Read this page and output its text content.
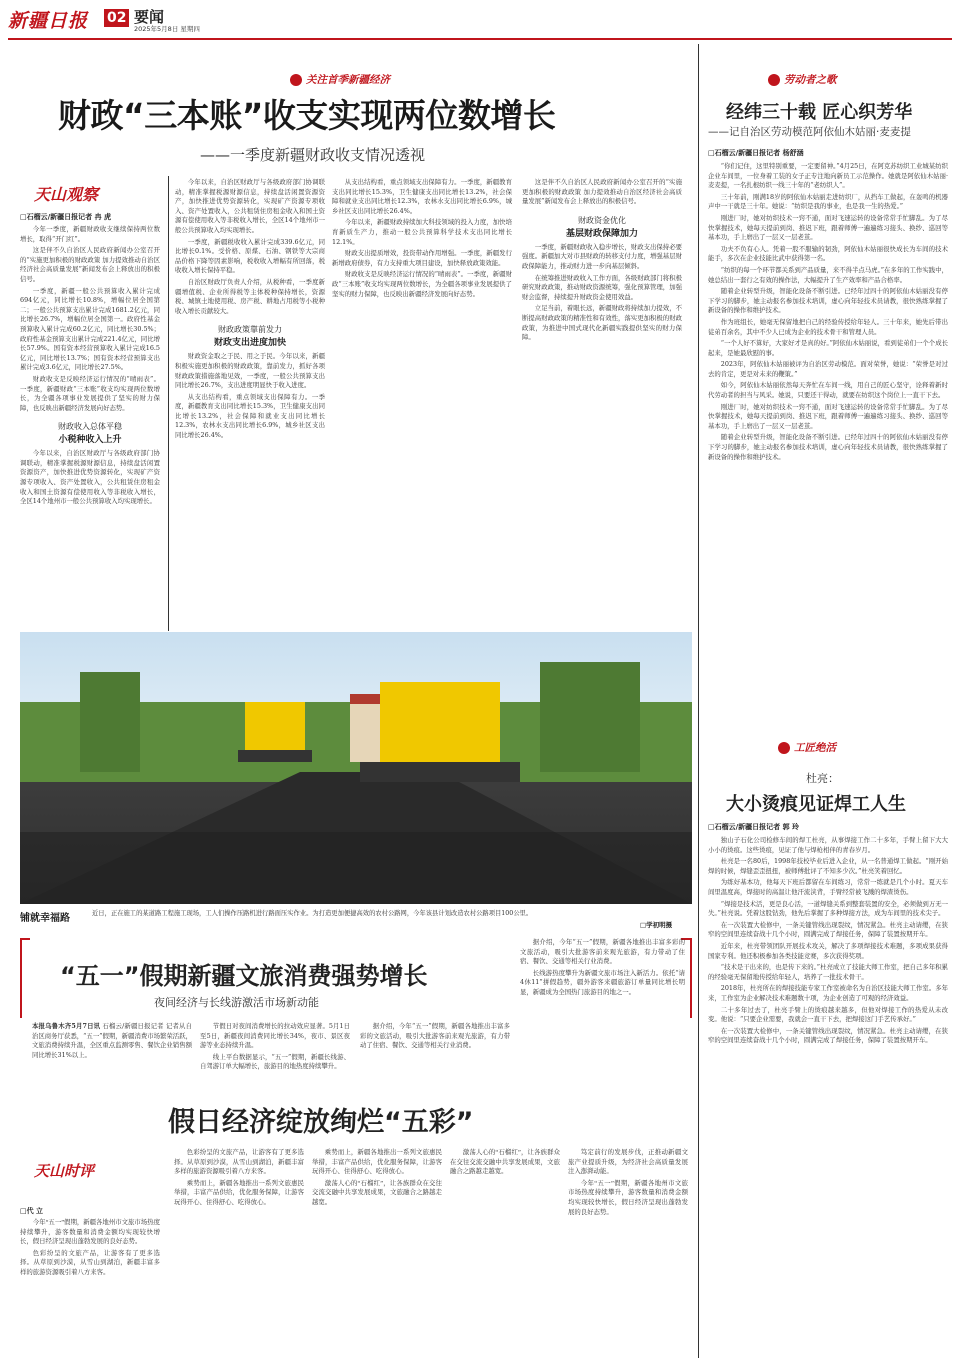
新疆日报 02 要闻
2025年5月8日 星期四
关注首季新疆经济
财政“三本账”收支实现两位数增长
——一季度新疆财政收支情况透视
天山观察
□石榴云/新疆日报记者 冉 虎

今年一季度，新疆财政收支继续保持两位数增长，取得“开门红”。

这是伴不久自治区人民政府新闻办公室召开的“实施更加积极的财政政策 加力提效推动自治区经济社会高质量发展”新闻发布会上释放出的积极信号。

一季度，新疆一般公共预算收入累计完成694亿元，同比增长10.8%，增幅位居全国第二；一般公共预算支出累计完成1681.2亿元，同比增长26.7%，增幅位居全国第一。政府性基金预算收入累计完成60.2亿元，同比增长30.5%；政府性基金预算支出累计完成221.4亿元，同比增长57.9%。国有资本经营预算收入累计完成16.5亿元，同比增长13.7%；国有资本经营预算支出累计完成3.6亿元，同比增长27.5%。

财政收支是反映经济运行情况的“晴雨表”。一季度，新疆财政“三本账”收支均实现两位数增长，为全疆各项事业发展提供了坚实的财力保障，也反映出新疆经济发展向好态势。

财政收入总体平稳
小税种收入上升

今年以来，自治区财政厅与各级政府部门协调联动，精准掌握税源财源信息，持续盘活闲置资源资产，加快推进优势资源转化，实现矿产资源专项收入、资产处置收入，公共租赁住房租金收入和国土资源有偿使用收入等非税收入增长，全区14个地州市一般公共预算收入均实现增长。

今年以来，自治区财政厅与各级政府部门协调联动，精准掌握税源财源信息，持续盘活闲置资源资产，加快推进优势资源转化，实现矿产资源专项收入、资产处置收入，公共租赁住房租金收入和国土资源有偿使用收入等非税收入增长，全区14个地州市一般公共预算收入均实现增长。

一季度，新疆税收收入累计完成339.6亿元，同比增长0.1%。受价格、原煤、石油、钢铁等大宗商品价格下降等因素影响，税收收入增幅有所回落，税收收入增长保持平稳。

自治区财政厅负责人介绍，从税种看，一季度新疆增值税、企业所得税等主体税种保持增长，资源税、城镇土地使用税、房产税、耕地占用税等小税种收入增长贡献较大。

财政政策靠前发力
财政支出进度加快

财政资金取之于民、用之于民。今年以来，新疆积极实施更加积极的财政政策，靠前发力，抓好各项财政政策措施落地见效，一季度，一般公共预算支出同比增长26.7%，支出进度明显快于收入进度。

从支出结构看，重点领域支出保障有力。一季度，新疆教育支出同比增长15.3%，卫生健康支出同比增长13.2%，社会保障和就业支出同比增长12.3%，农林水支出同比增长6.9%，城乡社区支出同比增长26.4%。

从支出结构看，重点领域支出保障有力。一季度，新疆教育支出同比增长15.3%，卫生健康支出同比增长13.2%，社会保障和就业支出同比增长12.3%，农林水支出同比增长6.9%，城乡社区支出同比增长26.4%。

今年以来，新疆财政持续加大科技领域的投入力度，加快培育新质生产力，推动一般公共预算科学技术支出同比增长12.1%。

财政支出提质增效，投资带动作用增强。一季度，新疆发行新增政府债券，有力支持重大项目建设，加快释放政策效能。

财政收支是反映经济运行情况的“晴雨表”。一季度，新疆财政“三本账”收支均实现两位数增长，为全疆各项事业发展提供了坚实的财力保障，也反映出新疆经济发展向好态势。

这是伴不久自治区人民政府新闻办公室召开的“实施更加积极的财政政策 加力提效推动自治区经济社会高质量发展”新闻发布会上释放出的积极信号。

财政资金优化
基层财政保障加力

一季度，新疆财政收入稳步增长，财政支出保持必要强度。新疆加大对市县财政的转移支付力度，增强基层财政保障能力，推动财力进一步向基层倾斜。

在统筹推进财政收入工作方面，各级财政部门将积极研究财政政策，推动财政资源统筹，强化预算管理，加强财会监督，持续提升财政资金使用效益。

立足当前，着眼长远，新疆财政将持续加力提效，不断提高财政政策的精准性和有效性，落实更加积极的财政政策，为推进中国式现代化新疆实践提供坚实的财力保障。

铺就幸福路	近日，正在施工的某道路工程施工现场，工人们操作压路机进行路面压实作业。为打造更加便捷高效的农村公路网，今年该县计划改造农村公路项目100公里。
□学初明摄
“五一”假期新疆文旅消费强势增长
夜间经济与长线游激活市场新动能

本报乌鲁木齐5月7日讯 石榴云/新疆日报记者 记者从自治区商务厅获悉，“五一”假期，新疆消费市场繁荣活跃，文旅消费持续升温，全区重点监测零售、餐饮企业销售额同比增长31%以上。

节假日对夜间消费增长的拉动效应显著。5月1日至5日，新疆夜间消费同比增长34%，夜市、景区夜游等业态持续升温。

线上平台数据显示，“五一”假期，新疆长线游、自驾游订单大幅增长，旅游目的地热度持续攀升。

据介绍，今年“五一”假期，新疆各地推出丰富多彩的文旅活动，吸引大批游客前来观光旅游，有力带动了住宿、餐饮、交通等相关行业消费。

据介绍，今年“五一”假期，新疆各地推出丰富多彩的文旅活动，吸引大批游客前来观光旅游，有力带动了住宿、餐饮、交通等相关行业消费。

长线游热度攀升为新疆文旅市场注入新活力。依托“请4休11”拼假趋势，疆外游客来疆旅游订单量同比增长明显，新疆成为全国热门旅游目的地之一。

假日经济绽放绚烂“五彩”
天山时评
□代 立

今年“五一”假期，新疆各地州市文旅市场热度持续攀升，游客数量和消费金额均实现较快增长，假日经济呈现出蓬勃发展的良好态势。

色彩纷呈的文旅产品，让游客有了更多选择。从草原到沙漠，从雪山到湖泊，新疆丰富多样的旅游资源吸引着八方来客。

色彩纷呈的文旅产品，让游客有了更多选择。从草原到沙漠，从雪山到湖泊，新疆丰富多样的旅游资源吸引着八方来客。

乘势而上，新疆各地推出一系列文旅惠民举措，丰富产品供给，优化服务保障，让游客玩得开心、住得舒心、吃得放心。

乘势而上，新疆各地推出一系列文旅惠民举措，丰富产品供给，优化服务保障，让游客玩得开心、住得舒心、吃得放心。

激荡人心的“石榴红”，让各族群众在交往交流交融中共享发展成果，文旅融合之路越走越宽。

激荡人心的“石榴红”，让各族群众在交往交流交融中共享发展成果，文旅融合之路越走越宽。

笃定前行的发展步伐，正推动新疆文旅产业提质升级，为经济社会高质量发展注入澎湃动能。

今年“五一”假期，新疆各地州市文旅市场热度持续攀升，游客数量和消费金额均实现较快增长，假日经济呈现出蓬勃发展的良好态势。

劳动者之歌
经纬三十载 匠心织芳华
——记自治区劳动模范阿依仙木姑丽·麦麦提
□石榴云/新疆日报记者 杨舒涵

“你们记住，这里特别重要，一定要留神。”4月25日，在阿克苏纺织工业城某纺织企业车间里，一位身着工装的女子正专注地向新员工示范操作。她就是阿依仙木姑丽·麦麦提，一名扎根纺织一线三十年的“老纺织人”。

三十年前，刚满18岁的阿依仙木姑丽走进纺织厂，从挡车工做起，在轰鸣的机器声中一干就是三十年。她说：“纺织是我的事业，也是我一生的热爱。”

刚进厂时，她对纺织技术一窍不通，面对飞速运转的设备常常手忙脚乱。为了尽快掌握技术，她每天提前到岗、推迟下班，跟着师傅一遍遍练习接头、换纱、巡回等基本功，手上磨出了一层又一层老茧。

功夫不负有心人。凭着一股不服输的韧劲，阿依仙木姑丽很快成长为车间的技术能手，多次在企业技能比武中获得第一名。

“纺织的每一个环节都关系到产品质量，来不得半点马虎。”在多年的工作实践中，她总结出一套行之有效的操作法，大幅提升了生产效率和产品合格率。

随着企业转型升级，智能化设备不断引进。已经年过四十的阿依仙木姑丽没有停下学习的脚步，她主动报名参加技术培训，虚心向年轻技术员请教，很快熟练掌握了新设备的操作和维护技术。

作为班组长，她毫无保留地把自己的经验传授给年轻人。三十年来，她先后带出徒弟百余名，其中不少人已成为企业的技术骨干和管理人员。

“一个人好不算好，大家好才是真的好。”阿依仙木姑丽说，看到徒弟们一个个成长起来，是她最欣慰的事。

2023年，阿依仙木姑丽被评为自治区劳动模范。面对荣誉，她说：“荣誉是对过去的肯定，更是对未来的鞭策。”

如今，阿依仙木姑丽依然每天奔忙在车间一线，用自己的匠心坚守，诠释着新时代劳动者的担当与风采。她说，只要还干得动，就要在纺织这个岗位上一直干下去。

刚进厂时，她对纺织技术一窍不通，面对飞速运转的设备常常手忙脚乱。为了尽快掌握技术，她每天提前到岗、推迟下班，跟着师傅一遍遍练习接头、换纱、巡回等基本功，手上磨出了一层又一层老茧。

随着企业转型升级，智能化设备不断引进。已经年过四十的阿依仙木姑丽没有停下学习的脚步，她主动报名参加技术培训，虚心向年轻技术员请教，很快熟练掌握了新设备的操作和维护技术。

工匠绝活
杜亮：
大小烫痕见证焊工人生
□石榴云/新疆日报记者 郭 玲

独山子石化公司检修车间的焊工杜亮，从事焊接工作二十多年，手臂上留下大大小小的烫痕。这些烫痕，见证了他与焊枪相伴的青春岁月。

杜亮是一名80后，1998年技校毕业后进入企业，从一名普通焊工做起。“刚开始焊的时候，焊缝歪歪扭扭，被师傅批评了不知多少次。”杜亮笑着回忆。

为练好基本功，他每天下班后都留在车间练习，常常一练就是几个小时。夏天车间里温度高，焊接时的高温让他汗流浃背，手臂经常被飞溅的焊渣烫伤。

“焊接是技术活，更是良心活，一道焊缝关系到整套装置的安全，必须做到万无一失。”杜亮说。凭着这股钻劲，他先后掌握了多种焊接方法，成为车间里的技术尖子。

在一次装置大检修中，一条关键管线出现裂纹，情况紧急。杜亮主动请缨，在狭窄的空间里连续奋战十几个小时，圆满完成了焊接任务，保障了装置按期开车。

近年来，杜亮带领团队开展技术攻关，解决了多项焊接技术难题，多项成果获得国家专利。他还积极参加各类技能竞赛，多次获得奖项。

“技术是干出来的，也是传下来的。”杜亮成立了技能大师工作室，把自己多年积累的经验毫无保留地传授给年轻人，培养了一批技术骨干。

2018年，杜亮所在的焊接技能专家工作室被命名为自治区技能大师工作室。多年来，工作室为企业解决技术难题数十项，为企业创造了可观的经济效益。

二十多年过去了，杜亮手臂上的烫痕越来越多，但他对焊接工作的热爱从未改变。他说：“只要企业需要，我就会一直干下去，把焊接这门手艺传承好。”

在一次装置大检修中，一条关键管线出现裂纹，情况紧急。杜亮主动请缨，在狭窄的空间里连续奋战十几个小时，圆满完成了焊接任务，保障了装置按期开车。
